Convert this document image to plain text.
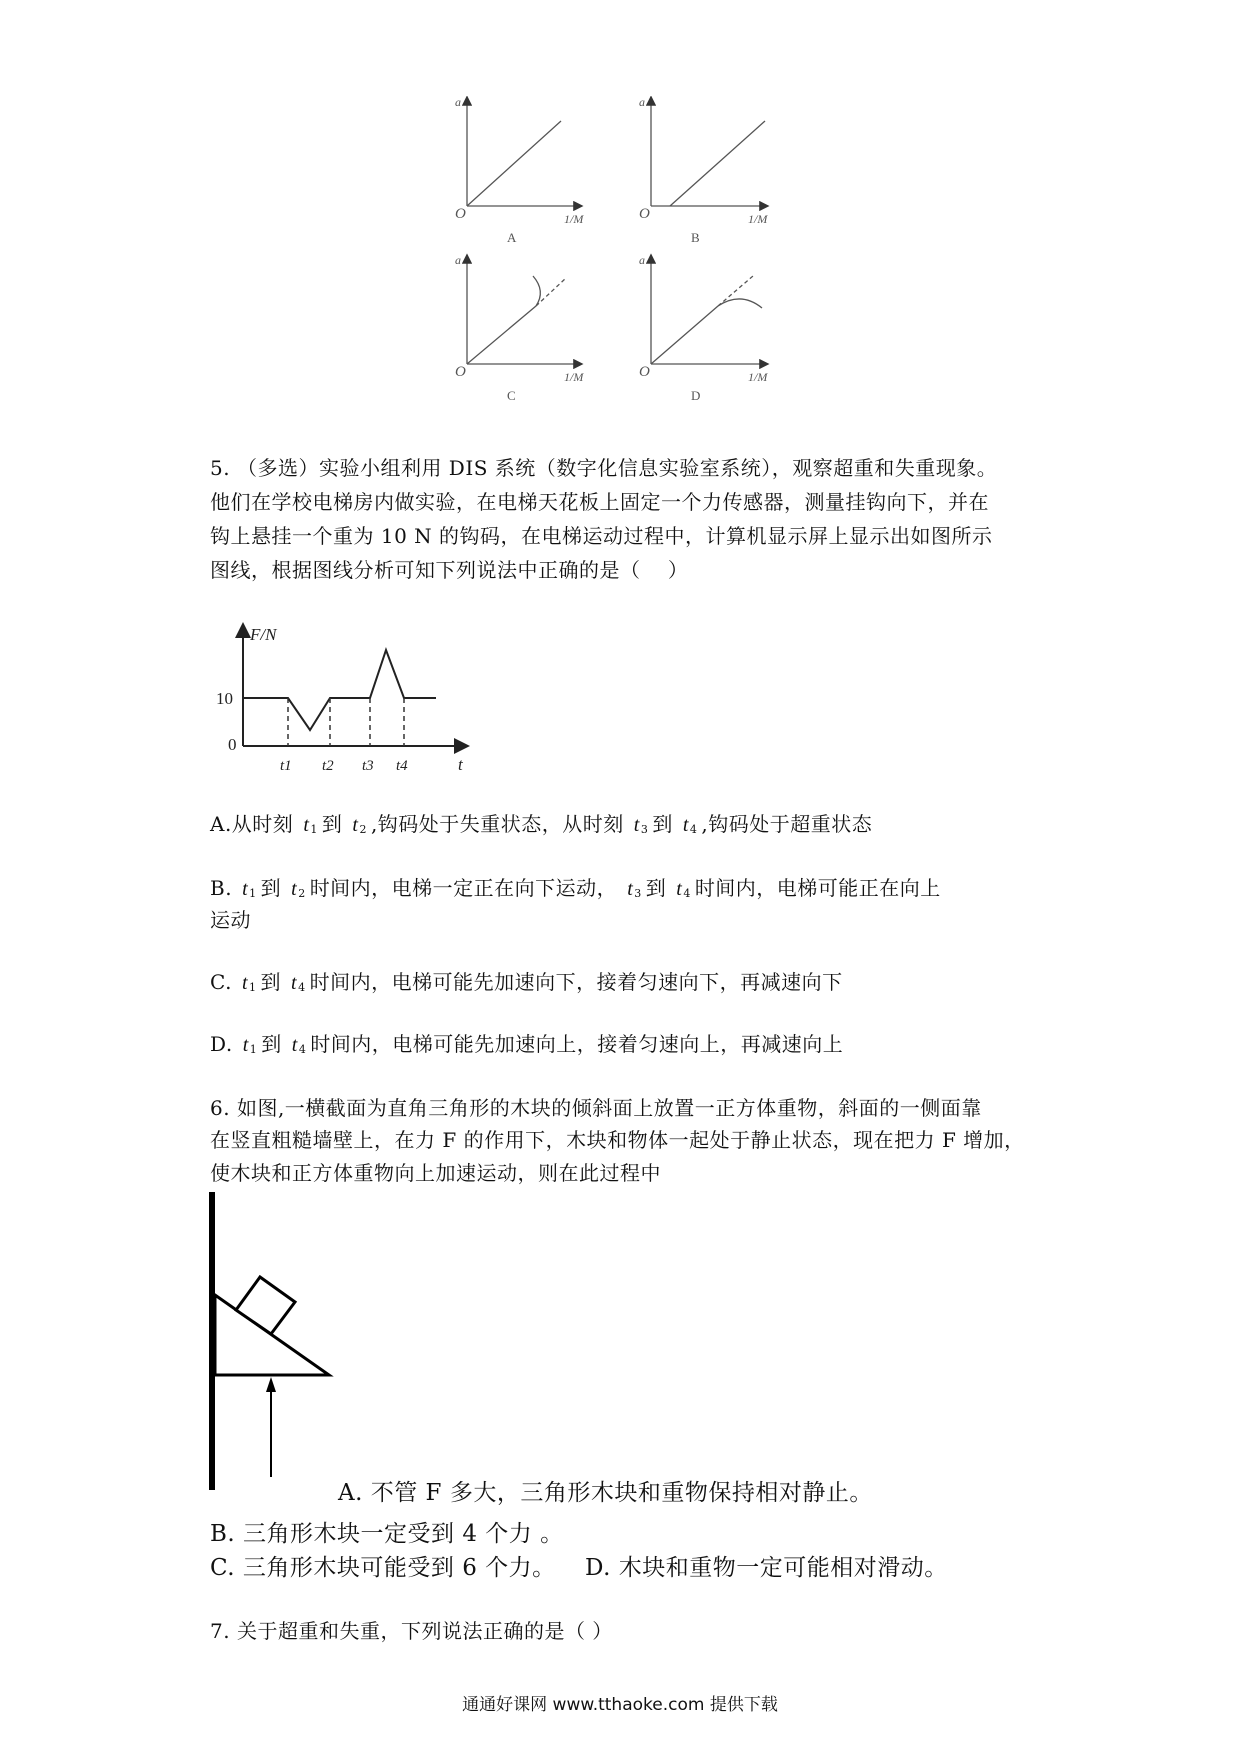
a
O	1/M
A
a
O	1/M
B
a
O	1/M
C
a
O	1/M
D
5. （多选）实验小组利用 DIS 系统（数字化信息实验室系统），观察超重和失重现象。
他们在学校电梯房内做实验，在电梯天花板上固定一个力传感器，测量挂钩向下，并在
钩上悬挂一个重为 10 N 的钩码，在电梯运动过程中，计算机显示屏上显示出如图所示
图线，根据图线分析可知下列说法中正确的是（　 ）
F/N
10
0
t1 t2 t3 t4	t
A.从时刻 t1 到 t2 ,钩码处于失重状态，从时刻 t3 到 t4 ,钩码处于超重状态
B. t1 到 t2 时间内，电梯一定正在向下运动， t3 到 t4 时间内，电梯可能正在向上
运动
C. t1 到 t4 时间内，电梯可能先加速向下，接着匀速向下，再减速向下
D. t1 到 t4 时间内，电梯可能先加速向上，接着匀速向上，再减速向上
6. 如图,一横截面为直角三角形的木块的倾斜面上放置一正方体重物，斜面的一侧面靠
在竖直粗糙墙壁上，在力 F 的作用下，木块和物体一起处于静止状态，现在把力 F 增加，
使木块和正方体重物向上加速运动，则在此过程中
A. 不管 F 多大，三角形木块和重物保持相对静止。
B. 三角形木块一定受到 4 个力 。
C. 三角形木块可能受到 6 个力。 D. 木块和重物一定可能相对滑动。
7. 关于超重和失重，下列说法正确的是（ ）
通通好课网 www.tthaoke.com 提供下载
